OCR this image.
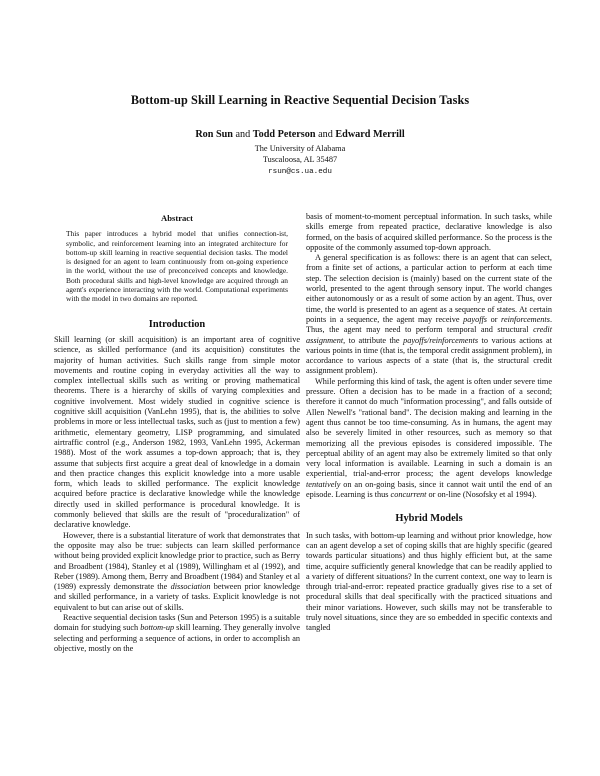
Bottom-up Skill Learning in Reactive Sequential Decision Tasks
Ron Sun and Todd Peterson and Edward Merrill
The University of Alabama
Tuscaloosa, AL 35487
rsun@cs.ua.edu
Abstract

This paper introduces a hybrid model that unifies connection-ist, symbolic, and reinforcement learning into an integrated architecture for bottom-up skill learning in reactive sequential decision tasks. The model is designed for an agent to learn continuously from on-going experience in the world, without the use of preconceived concepts and knowledge. Both procedural skills and high-level knowledge are acquired through an agent's experience interacting with the world. Computational experiments with the model in two domains are reported.

Introduction

Skill learning (or skill acquisition) is an important area of cognitive science, as skilled performance (and its acquisition) constitutes the majority of human activities. Such skills range from simple motor movements and routine coping in everyday activities all the way to complex intellectual skills such as writing or proving mathematical theorems. There is a hierarchy of skills of varying complexities and cognitive involvement. Most widely studied in cognitive science is cognitive skill acquisition (VanLehn 1995), that is, the abilities to solve problems in more or less intellectual tasks, such as (just to mention a few) arithmetic, elementary geometry, LISP programming, and simulated airtraffic control (e.g., Anderson 1982, 1993, VanLehn 1995, Ackerman 1988). Most of the work assumes a top-down approach; that is, they assume that subjects first acquire a great deal of knowledge in a domain and then practice changes this explicit knowledge into a more usable form, which leads to skilled performance. The explicit knowledge acquired before practice is declarative knowledge while the knowledge directly used in skilled performance is procedural knowledge. It is commonly believed that skills are the result of "proceduralization" of declarative knowledge.

However, there is a substantial literature of work that demonstrates that the opposite may also be true: subjects can learn skilled performance without being provided explicit knowledge prior to practice, such as Berry and Broadbent (1984), Stanley et al (1989), Willingham et al (1992), and Reber (1989). Among them, Berry and Broadbent (1984) and Stanley et al (1989) expressly demonstrate the dissociation between prior knowledge and skilled performance, in a variety of tasks. Explicit knowledge is not equivalent to but can arise out of skills.

Reactive sequential decision tasks (Sun and Peterson 1995) is a suitable domain for studying such bottom-up skill learning. They generally involve selecting and performing a sequence of actions, in order to accomplish an objective, mostly on the

basis of moment-to-moment perceptual information. In such tasks, while skills emerge from repeated practice, declarative knowledge is also formed, on the basis of acquired skilled performance. So the process is the opposite of the commonly assumed top-down approach.

A general specification is as follows: there is an agent that can select, from a finite set of actions, a particular action to perform at each time step. The selection decision is (mainly) based on the current state of the world, presented to the agent through sensory input. The world changes either autonomously or as a result of some action by an agent. Thus, over time, the world is presented to an agent as a sequence of states. At certain points in a sequence, the agent may receive payoffs or reinforcements. Thus, the agent may need to perform temporal and structural credit assignment, to attribute the payoffs/reinforcements to various actions at various points in time (that is, the temporal credit assignment problem), in accordance to various aspects of a state (that is, the structural credit assignment problem).

While performing this kind of task, the agent is often under severe time pressure. Often a decision has to be made in a fraction of a second; therefore it cannot do much "information processing", and falls outside of Allen Newell's "rational band". The decision making and learning in the agent thus cannot be too time-consuming. As in humans, the agent may also be severely limited in other resources, such as memory so that memorizing all the previous episodes is considered impossible. The perceptual ability of an agent may also be extremely limited so that only very local information is available. Learning in such a domain is an experiential, trial-and-error process; the agent develops knowledge tentatively on an on-going basis, since it cannot wait until the end of an episode. Learning is thus concurrent or on-line (Nosofsky et al 1994).

Hybrid Models

In such tasks, with bottom-up learning and without prior knowledge, how can an agent develop a set of coping skills that are highly specific (geared towards particular situations) and thus highly efficient but, at the same time, acquire sufficiently general knowledge that can be readily applied to a variety of different situations? In the current context, one way to learn is through trial-and-error: repeated practice gradually gives rise to a set of procedural skills that deal specifically with the practiced situations and their minor variations. However, such skills may not be transferable to truly novel situations, since they are so embedded in specific contexts and tangled
